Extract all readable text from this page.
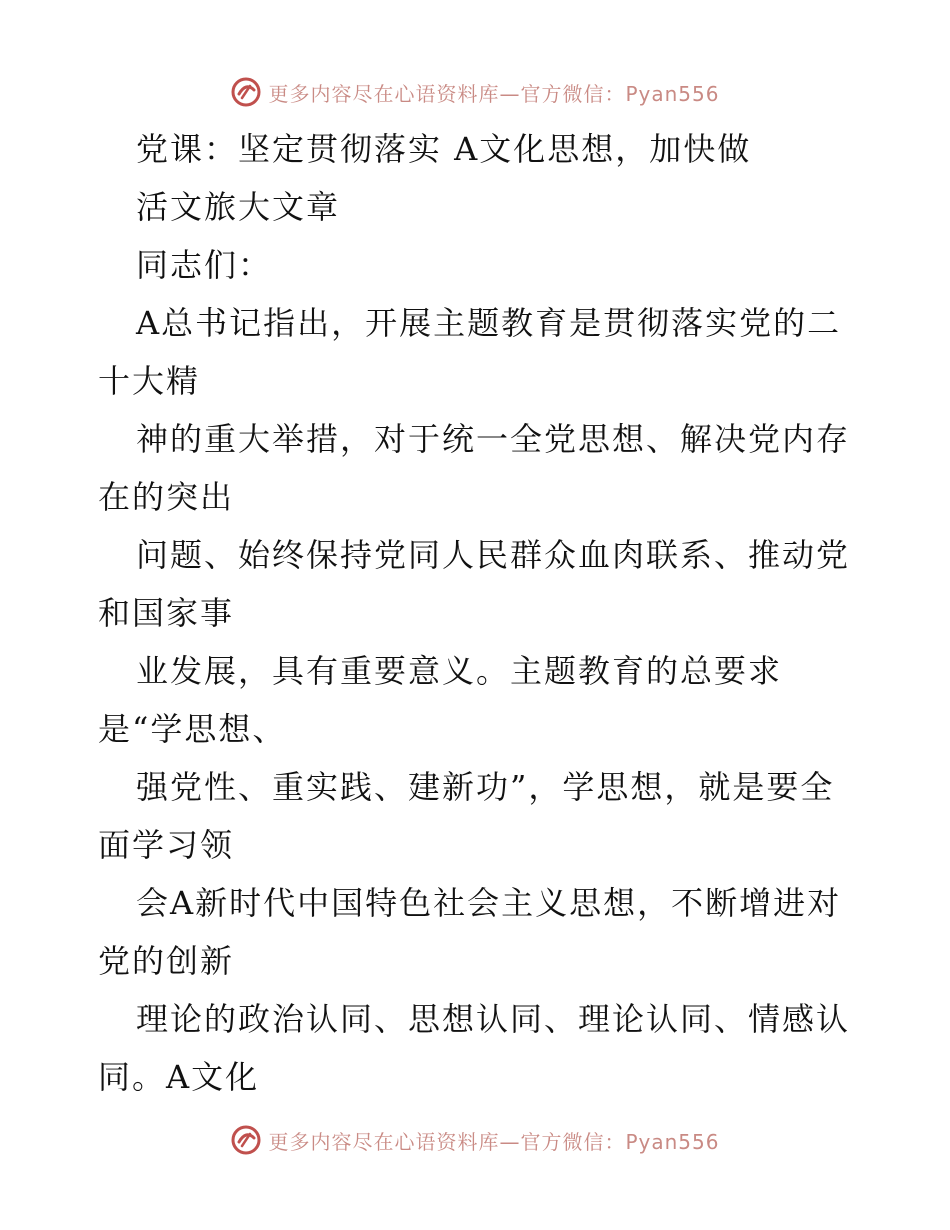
更多内容尽在心语资料库—官方微信：Pyan556
党课：坚定贯彻落实 A文化思想，加快做
活文旅大文章
同志们：
A总书记指出，开展主题教育是贯彻落实党的二
十大精
神的重大举措，对于统一全党思想、解决党内存
在的突出
问题、始终保持党同人民群众血肉联系、推动党
和国家事
业发展，具有重要意义。主题教育的总要求
是“学思想、
强党性、重实践、建新功”，学思想，就是要全
面学习领
会A新时代中国特色社会主义思想，不断增进对
党的创新
理论的政治认同、思想认同、理论认同、情感认
同。A文化
更多内容尽在心语资料库—官方微信：Pyan556
